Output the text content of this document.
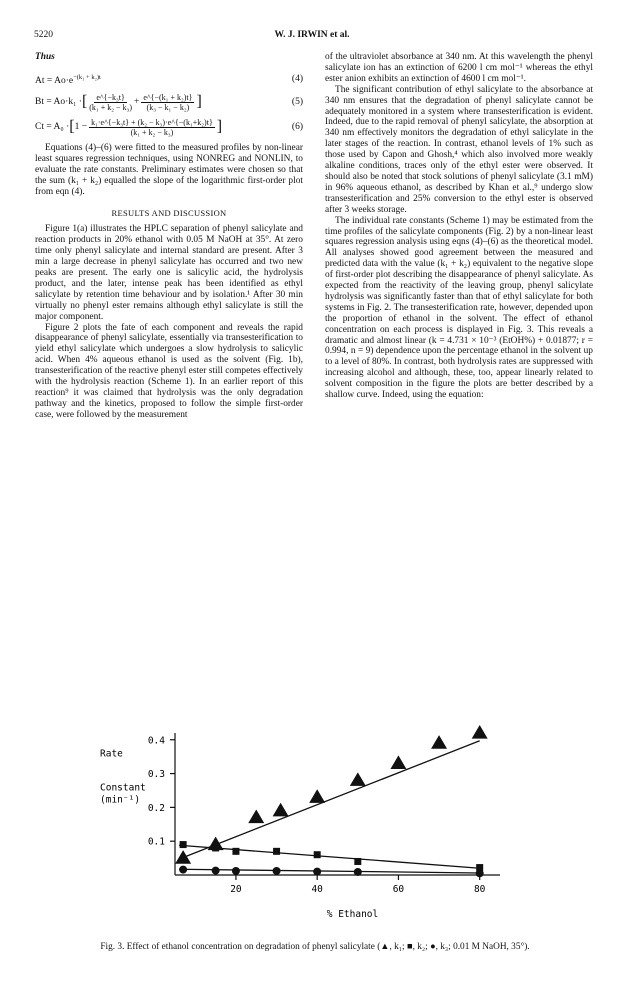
5220	W. J. IRWIN et al.
Thus
$At = Ao\cdot e^{-(k_1 + k_2)t}$	(4)
Bt = Ao·k₁ · [ $\frac{\text{e\textasciicircum{}\{−k₃t\}}}{\text{(k₁ + k₂ − k₃)}} + \frac{\text{e\textasciicircum{}\{−(k₁ + k₂)t\}}}{\text{(k₃ − k₁ − k₂)}}$ ]	(5)
Ct = A₀ · [ $1 - \frac{\text{k₁·e\textasciicircum{}\{−k₃t\} + (k₂ − k₃)·e\textasciicircum{}\{−(k₁+k₂)t\}}}{\text{(k₁ + k₂ − k₃)}}$ ]	(6)

Equations (4)–(6) were fitted to the measured profiles by non-linear least squares regression techniques, using NONREG and NONLIN, to evaluate the rate constants. Preliminary estimates were chosen so that the sum (k₁ + k₂) equalled the slope of the logarithmic first-order plot from eqn (4).

RESULTS AND DISCUSSION

Figure 1(a) illustrates the HPLC separation of phenyl salicylate and reaction products in 20% ethanol with 0.05 M NaOH at 35°. At zero time only phenyl salicylate and internal standard are present. After 3 min a large decrease in phenyl salicylate has occurred and two new peaks are present. The early one is salicylic acid, the hydrolysis product, and the later, intense peak has been identified as ethyl salicylate by retention time behaviour and by isolation.¹ After 30 min virtually no phenyl ester remains although ethyl salicylate is still the major component.

Figure 2 plots the fate of each component and reveals the rapid disappearance of phenyl salicylate, essentially via transesterification to yield ethyl salicylate which undergoes a slow hydrolysis to salicylic acid. When 4% aqueous ethanol is used as the solvent (Fig. 1b), transesterification of the reactive phenyl ester still competes effectively with the hydrolysis reaction (Scheme 1). In an earlier report of this reaction⁹ it was claimed that hydrolysis was the only degradation pathway and the kinetics, proposed to follow the simple first-order case, were followed by the measurement

of the ultraviolet absorbance at 340 nm. At this wavelength the phenyl salicylate ion has an extinction of 6200 l cm mol⁻¹ whereas the ethyl ester anion exhibits an extinction of 4600 l cm mol⁻¹.

The significant contribution of ethyl salicylate to the absorbance at 340 nm ensures that the degradation of phenyl salicylate cannot be adequately monitored in a system where transesterification is evident. Indeed, due to the rapid removal of phenyl salicylate, the absorption at 340 nm effectively monitors the degradation of ethyl salicylate in the later stages of the reaction. In contrast, ethanol levels of 1% such as those used by Capon and Ghosh,⁴ which also involved more weakly alkaline conditions, traces only of the ethyl ester were observed. It should also be noted that stock solutions of phenyl salicylate (3.1 mM) in 96% aqueous ethanol, as described by Khan et al.,⁹ undergo slow transesterification and 25% conversion to the ethyl ester is observed after 3 weeks storage.

The individual rate constants (Scheme 1) may be estimated from the time profiles of the salicylate components (Fig. 2) by a non-linear least squares regression analysis using eqns (4)–(6) as the theoretical model. All analyses showed good agreement between the measured and predicted data with the value (k₁ + k₂) equivalent to the negative slope of first-order plot describing the disappearance of phenyl salicylate. As expected from the reactivity of the leaving group, phenyl salicylate hydrolysis was significantly faster than that of ethyl salicylate for both systems in Fig. 2. The transesterification rate, however, depended upon the proportion of ethanol in the solvent. The effect of ethanol concentration on each process is displayed in Fig. 3. This reveals a dramatic and almost linear (k = 4.731 × 10⁻³ (EtOH%) + 0.01877; r = 0.994, n = 9) dependence upon the percentage ethanol in the solvent up to a level of 80%. In contrast, both hydrolysis rates are suppressed with increasing alcohol and although, these, too, appear linearly related to solvent composition in the figure the plots are better described by a shallow curve. Indeed, using the equation:

0.1
0.2
0.3
0.4
20	40	60	80
Rate
Constant
(min⁻¹)
% Ethanol
Fig. 3. Effect of ethanol concentration on degradation of phenyl salicylate (▲, k₁; ■, k₂; ●, k₃; 0.01 M NaOH, 35°).
